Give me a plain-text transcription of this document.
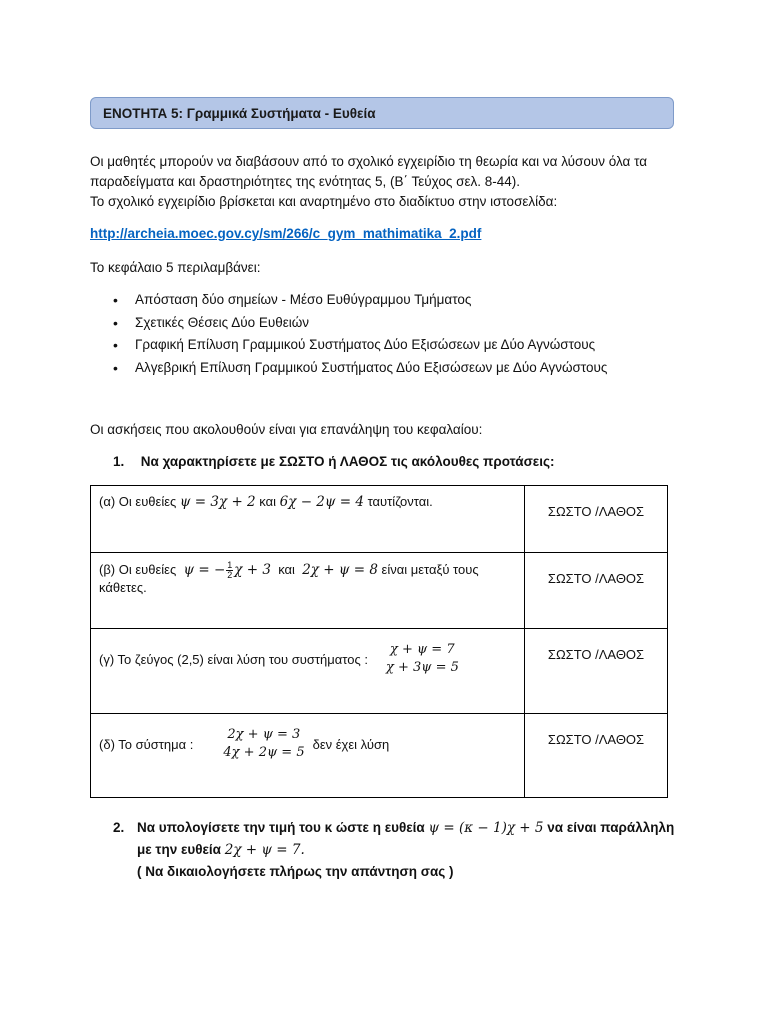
ΕΝΟΤΗΤΑ 5: Γραμμικά Συστήματα - Ευθεία
Οι μαθητές μπορούν να διαβάσουν από το σχολικό εγχειρίδιο τη θεωρία και να λύσουν όλα τα
παραδείγματα και δραστηριότητες της ενότητας 5, (Β΄ Τεύχος σελ. 8-44).
Το σχολικό εγχειρίδιο βρίσκεται και αναρτημένο στο διαδίκτυο στην ιστοσελίδα:
http://archeia.moec.gov.cy/sm/266/c_gym_mathimatika_2.pdf
Το κεφάλαιο 5 περιλαμβάνει:
•	Απόσταση δύο σημείων - Μέσο Ευθύγραμμου Τμήματος
•	Σχετικές Θέσεις Δύο Ευθειών
•	Γραφική Επίλυση Γραμμικού Συστήματος Δύο Εξισώσεων με Δύο Αγνώστους
•	Αλγεβρική Επίλυση Γραμμικού Συστήματος Δύο Εξισώσεων με Δύο Αγνώστους
Οι ασκήσεις που ακολουθούν είναι για επανάληψη του κεφαλαίου:
1. Να χαρακτηρίσετε με ΣΩΣΤΟ ή ΛΑΘΟΣ τις ακόλουθες προτάσεις:
(α) Οι ευθείες ψ = 3χ + 2 και 6χ − 2ψ = 4 ταυτίζονται.	ΣΩΣΤΟ /ΛΑΘΟΣ
(β) Οι ευθείες ψ = − $\frac{1}{2}$ χ + 3 και 2χ + ψ = 8 είναι μεταξύ τους
κάθετες.	ΣΩΣΤΟ /ΛΑΘΟΣ

(γ) Το ζεύγος (2,5) είναι λύση του συστήματος :
χ + ψ = 7
χ + 3ψ = 5	ΣΩΣΤΟ /ΛΑΘΟΣ

(δ) Το σύστημα :
2χ + ψ = 3
4χ + 2ψ = 5
δεν έχει λύση	ΣΩΣΤΟ /ΛΑΘΟΣ
2. Να υπολογίσετε την τιμή του κ ώστε η ευθεία ψ = (κ − 1)χ + 5 να είναι παράλληλη
με την ευθεία 2χ + ψ = 7.
( Να δικαιολογήσετε πλήρως την απάντηση σας )
